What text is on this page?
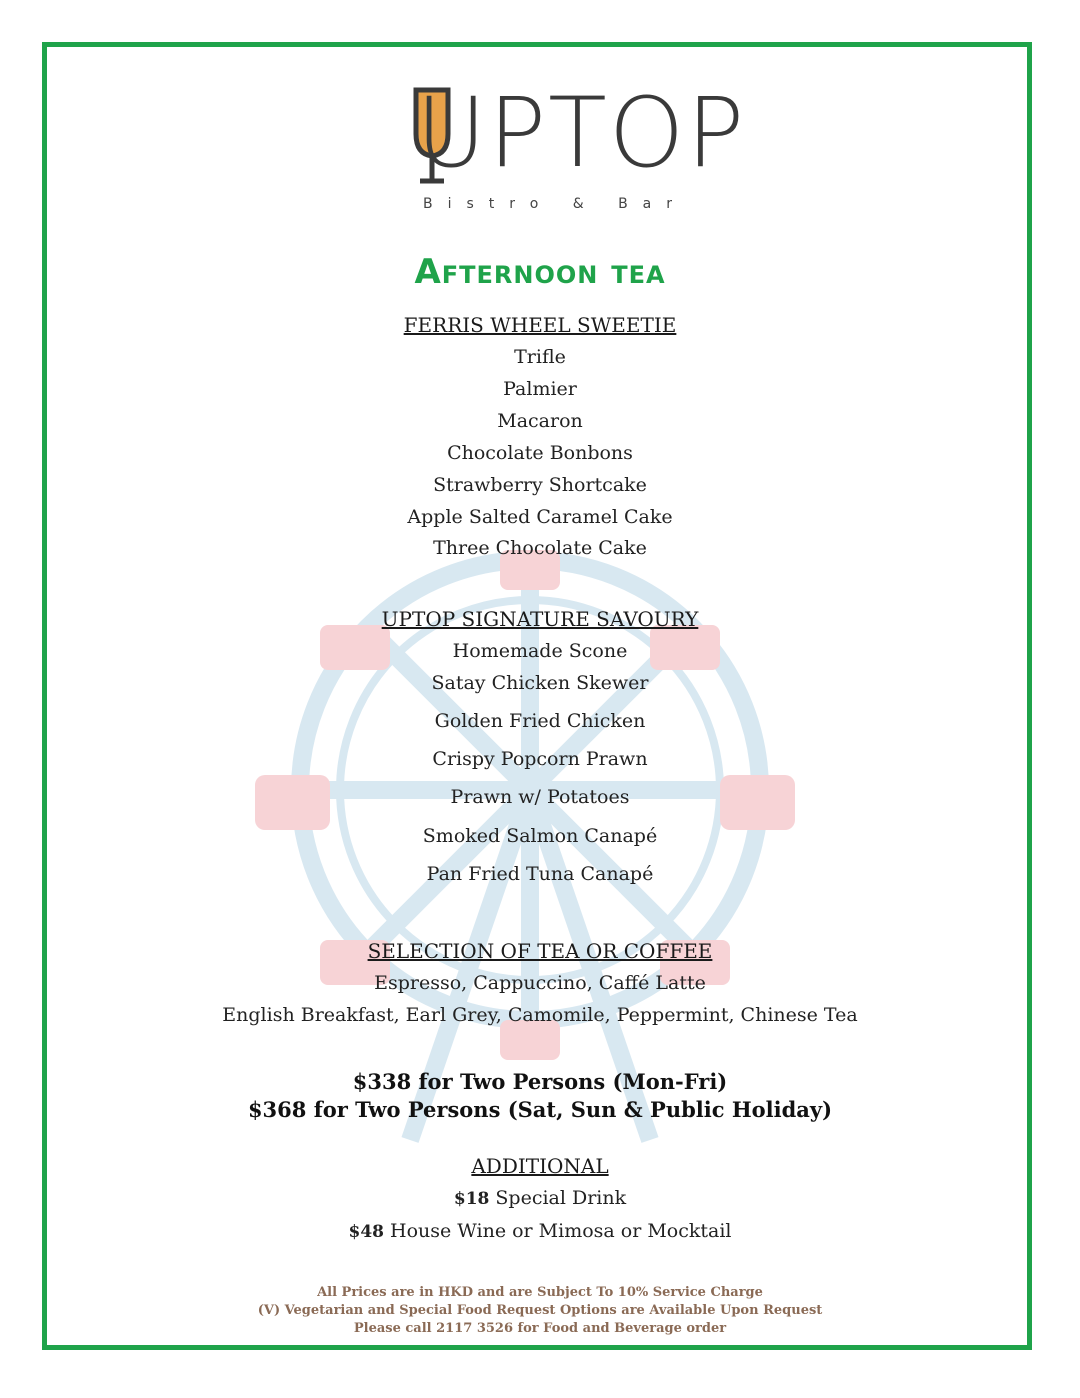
UPTOP
Bistro & Bar
Afternoon tea
FERRIS WHEEL SWEETIE
Trifle
Palmier
Macaron
Chocolate Bonbons
Strawberry Shortcake
Apple Salted Caramel Cake
Three Chocolate Cake
UPTOP SIGNATURE SAVOURY
Homemade Scone
Satay Chicken Skewer
Golden Fried Chicken
Crispy Popcorn Prawn
Prawn w/ Potatoes
Smoked Salmon Canapé
Pan Fried Tuna Canapé
SELECTION OF TEA OR COFFEE
Espresso, Cappuccino, Caffé Latte
English Breakfast, Earl Grey, Camomile, Peppermint, Chinese Tea
$338 for Two Persons (Mon-Fri)
$368 for Two Persons (Sat, Sun & Public Holiday)
ADDITIONAL
$18 Special Drink
$48 House Wine or Mimosa or Mocktail
All Prices are in HKD and are Subject To 10% Service Charge
(V) Vegetarian and Special Food Request Options are Available Upon Request
Please call 2117 3526 for Food and Beverage order
